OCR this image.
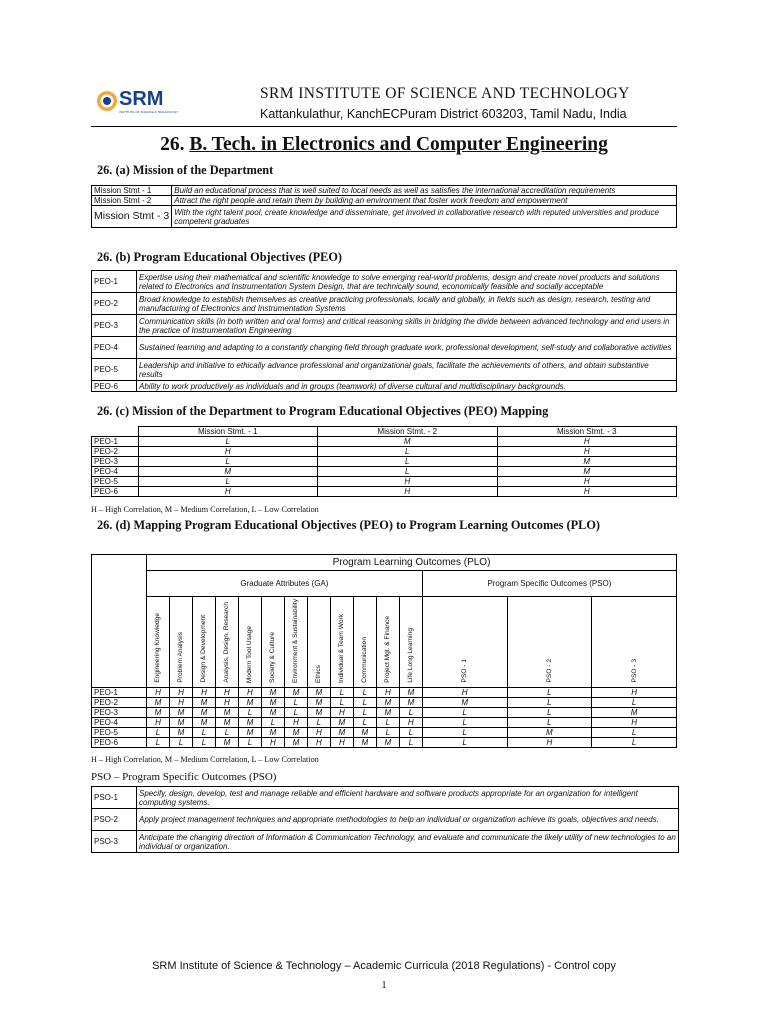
SRM
INSTITUTE OF SCIENCE & TECHNOLOGY
SRM INSTITUTE OF SCIENCE AND TECHNOLOGY
Kattankulathur, KanchECPuram District 603203, Tamil Nadu, India
26. B. Tech. in Electronics and Computer Engineering
26. (a) Mission of the Department
Mission Stmt - 1	Build an educational process that is well suited to local needs as well as satisfies the international accreditation requirements
Mission Stmt - 2	Attract the right people and retain them by building an environment that foster work freedom and empowerment
Mission Stmt - 3	With the right talent pool, create knowledge and disseminate, get involved in collaborative research with reputed universities and produce competent graduates
26. (b) Program Educational Objectives (PEO)
PEO-1	Expertise using their mathematical and scientific knowledge to solve emerging real-world problems, design and create novel products and solutions related to Electronics and Instrumentation System Design, that are technically sound, economically feasible and socially acceptable
PEO-2	Broad knowledge to establish themselves as creative practicing professionals, locally and globally, in fields such as design, research, testing and manufacturing of Electronics and Instrumentation Systems
PEO-3	Communication skills (in both written and oral forms) and critical reasoning skills in bridging the divide between advanced technology and end users in the practice of Instrumentation Engineering
PEO-4	Sustained learning and adapting to a constantly changing field through graduate work, professional development, self-study and collaborative activities
PEO-5	Leadership and initiative to ethically advance professional and organizational goals, facilitate the achievements of others, and obtain substantive results
PEO-6	Ability to work productively as individuals and in groups (teamwork) of diverse cultural and multidisciplinary backgrounds.
26. (c) Mission of the Department to Program Educational Objectives (PEO) Mapping
	Mission Stmt. - 1	Mission Stmt. - 2	Mission Stmt. - 3
PEO-1	L	M	H
PEO-2	H	L	H
PEO-3	L	L	M
PEO-4	M	L	M
PEO-5	L	H	H
PEO-6	H	H	H
H – High Correlation, M – Medium Correlation, L – Low Correlation
26. (d) Mapping Program Educational Objectives (PEO) to Program Learning Outcomes (PLO)
	Program Learning Outcomes (PLO)														
	Graduate Attributes (GA)												Program Specific Outcomes (PSO)		
	Engineering Knowledge	Problem Analysis	Design & Development	Analysis, Design, Research	Modern Tool Usage	Society & Culture	Environment & Sustainability	Ethics	Individual & Team Work	Communication	Project Mgt. & Finance	Life Long Learning	PSO - 1	PSO - 2	PSO - 3
PEO-1	H	H	H	H	H	M	M	M	L	L	H	M	H	L	H
PEO-2	M	H	M	H	M	M	L	M	L	L	M	M	M	L	L
PEO-3	M	M	M	M	L	M	L	M	H	L	M	L	L	L	M
PEO-4	H	M	M	M	M	L	H	L	M	L	L	H	L	L	H
PEO-5	L	M	L	L	M	M	M	H	M	M	L	L	L	M	L
PEO-6	L	L	L	M	L	H	M	H	H	M	M	L	L	H	L
H – High Correlation, M – Medium Correlation, L – Low Correlation
PSO – Program Specific Outcomes (PSO)
PSO-1	Specify, design, develop, test and manage reliable and efficient hardware and software products appropriate for an organization for intelligent computing systems.
PSO-2	Apply project management techniques and appropriate methodologies to help an individual or organization achieve its goals, objectives and needs.
PSO-3	Anticipate the changing direction of Information & Communication Technology, and evaluate and communicate the likely utility of new technologies to an individual or organization.
SRM Institute of Science & Technology – Academic Curricula (2018 Regulations) - Control copy
1
